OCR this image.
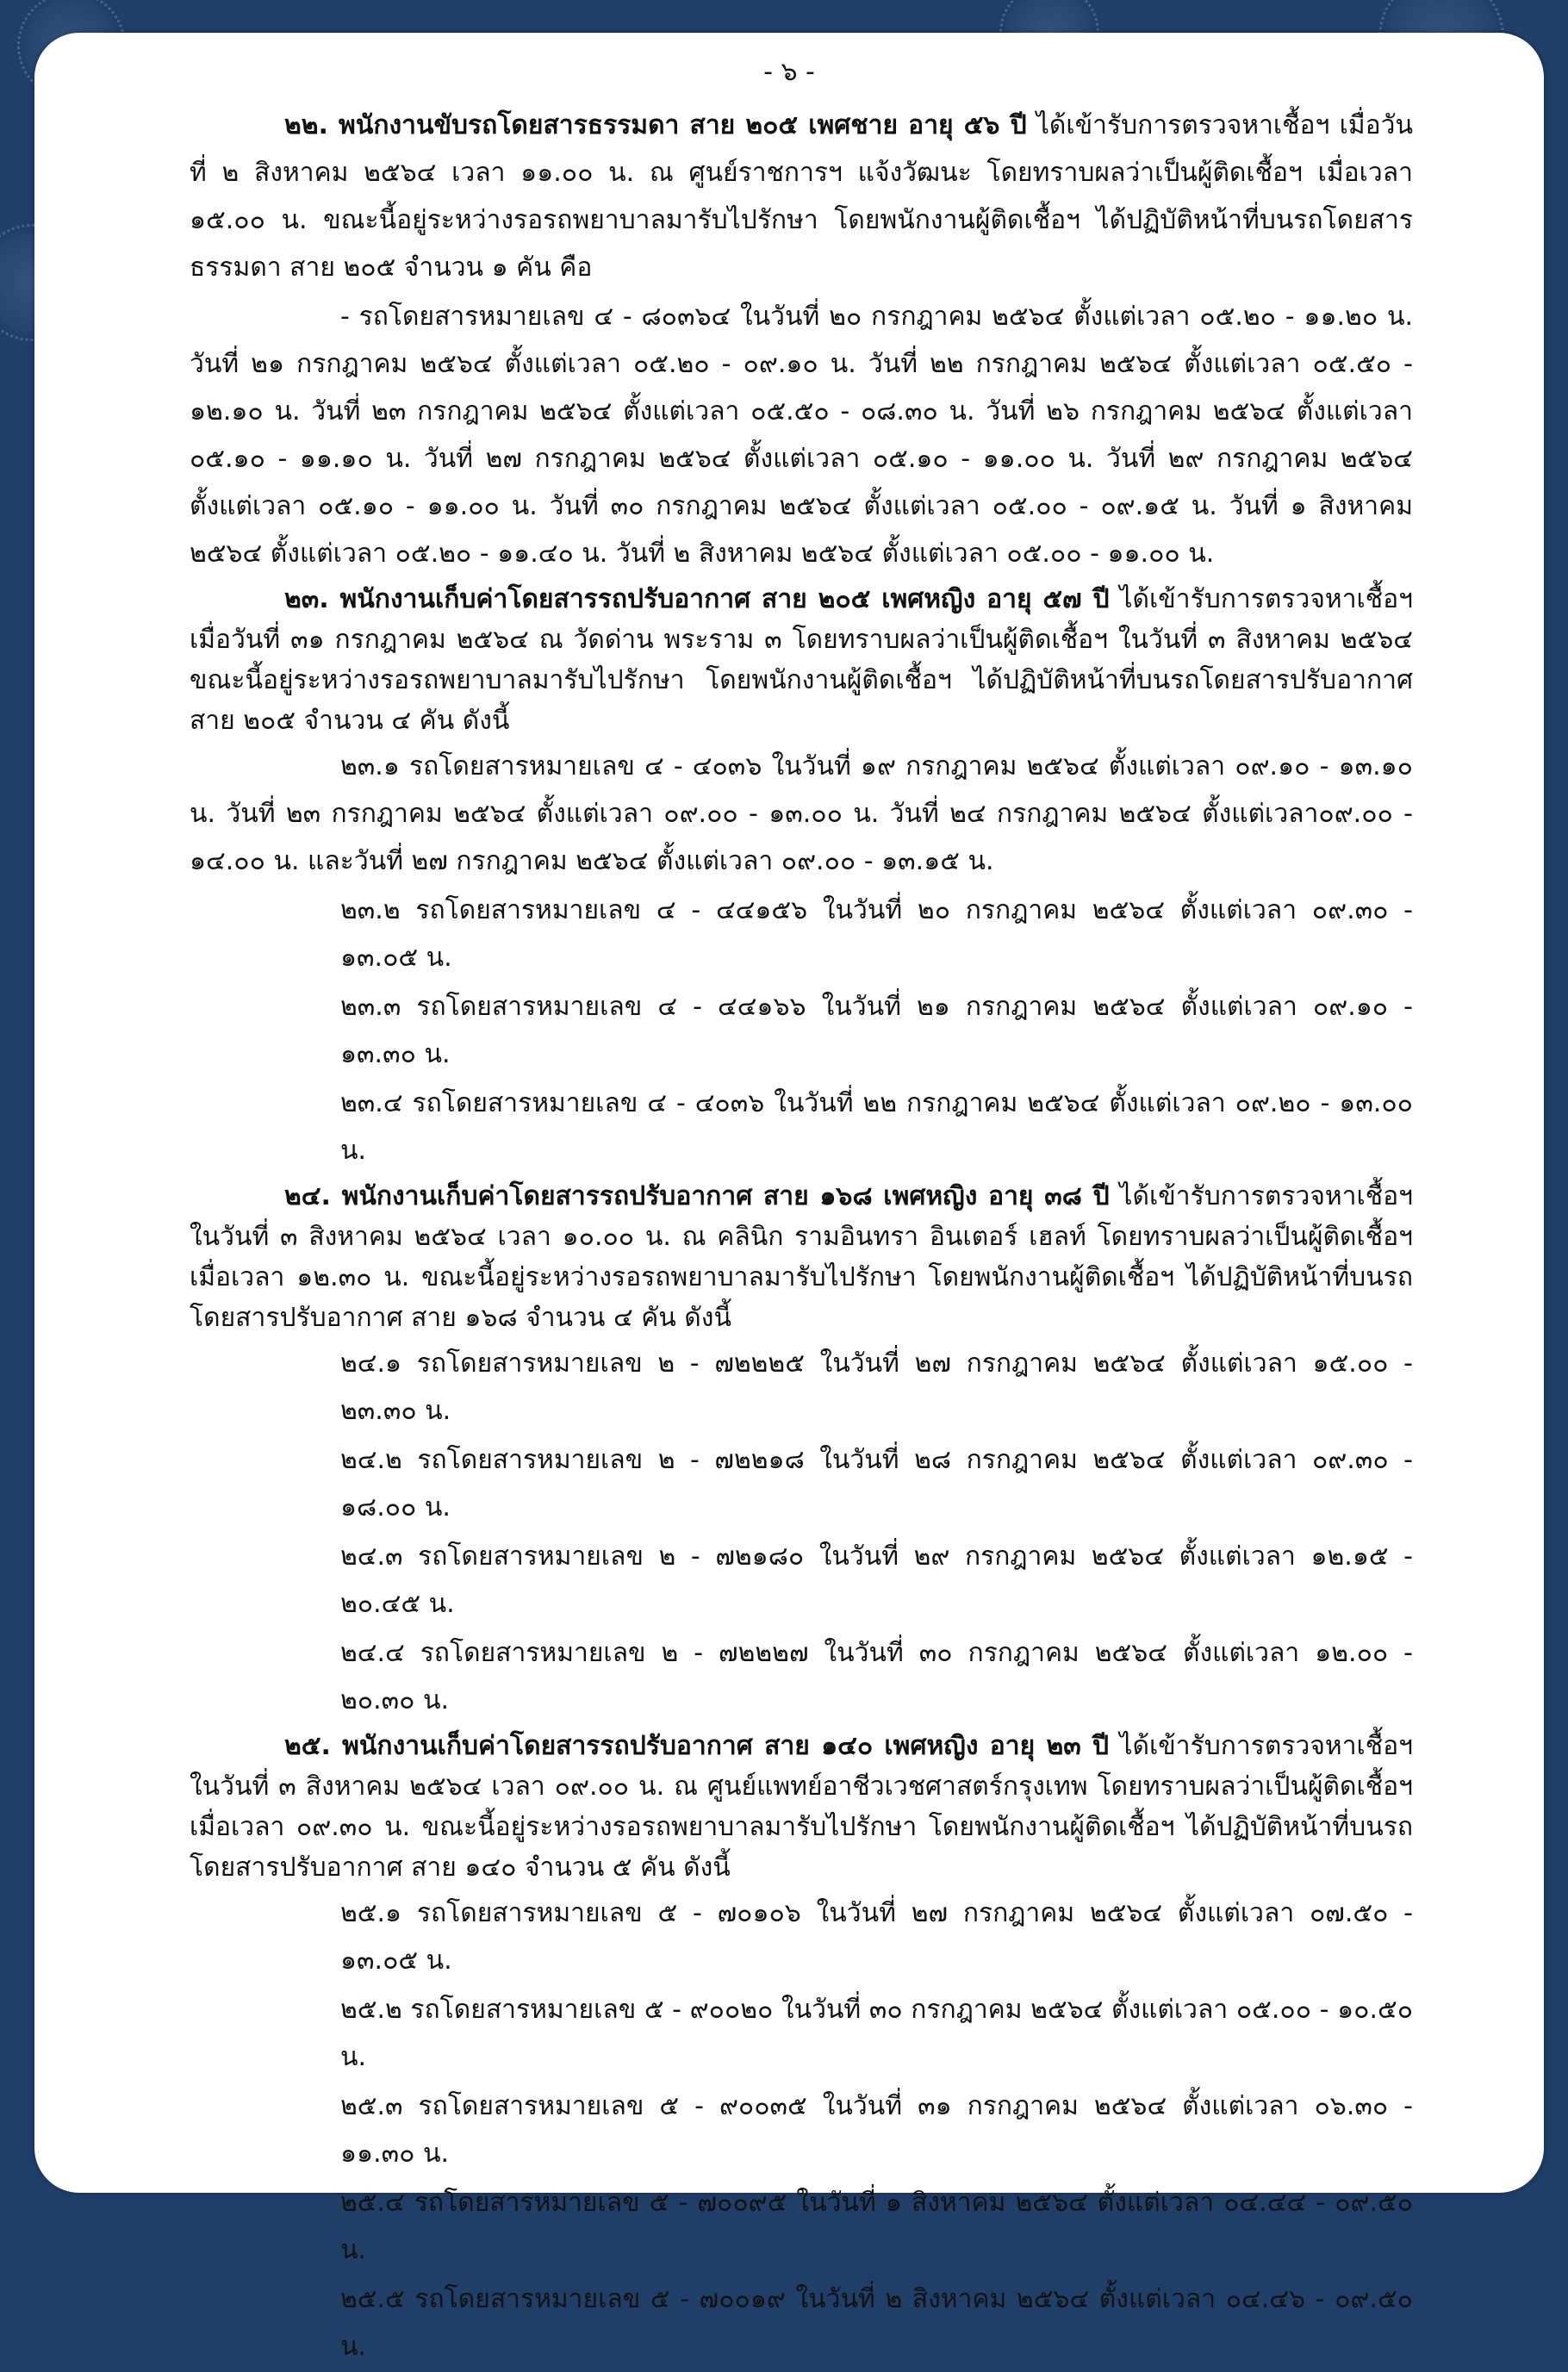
- ๖ -

๒๒. พนักงานขับรถโดยสารธรรมดา สาย ๒๐๕ เพศชาย อายุ ๕๖ ปี ได้เข้ารับการตรวจหาเชื้อฯ เมื่อวันที่ ๒ สิงหาคม ๒๕๖๔ เวลา ๑๑.๐๐ น. ณ ศูนย์ราชการฯ แจ้งวัฒนะ โดยทราบผลว่าเป็นผู้ติดเชื้อฯ เมื่อเวลา ๑๕.๐๐ น. ขณะนี้อยู่ระหว่างรอรถพยาบาลมารับไปรักษา โดยพนักงานผู้ติดเชื้อฯ ได้ปฏิบัติหน้าที่บนรถโดยสารธรรมดา สาย ๒๐๕ จำนวน ๑ คัน คือ

- รถโดยสารหมายเลข ๔ - ๘๐๓๖๔ ในวันที่ ๒๐ กรกฎาคม ๒๕๖๔ ตั้งแต่เวลา ๐๕.๒๐ - ๑๑.๒๐ น. วันที่ ๒๑ กรกฎาคม ๒๕๖๔ ตั้งแต่เวลา ๐๕.๒๐ - ๐๙.๑๐ น. วันที่ ๒๒ กรกฎาคม ๒๕๖๔ ตั้งแต่เวลา ๐๕.๕๐ - ๑๒.๑๐ น. วันที่ ๒๓ กรกฎาคม ๒๕๖๔ ตั้งแต่เวลา ๐๕.๕๐ - ๐๘.๓๐ น. วันที่ ๒๖ กรกฎาคม ๒๕๖๔ ตั้งแต่เวลา ๐๕.๑๐ - ๑๑.๑๐ น. วันที่ ๒๗ กรกฎาคม ๒๕๖๔ ตั้งแต่เวลา ๐๕.๑๐ - ๑๑.๐๐ น. วันที่ ๒๙ กรกฎาคม ๒๕๖๔ ตั้งแต่เวลา ๐๕.๑๐ - ๑๑.๐๐ น. วันที่ ๓๐ กรกฎาคม ๒๕๖๔ ตั้งแต่เวลา ๐๕.๐๐ - ๐๙.๑๕ น. วันที่ ๑ สิงหาคม ๒๕๖๔ ตั้งแต่เวลา ๐๕.๒๐ - ๑๑.๔๐ น. วันที่ ๒ สิงหาคม ๒๕๖๔ ตั้งแต่เวลา ๐๕.๐๐ - ๑๑.๐๐ น.

๒๓. พนักงานเก็บค่าโดยสารรถปรับอากาศ สาย ๒๐๕ เพศหญิง อายุ ๕๗ ปี ได้เข้ารับการตรวจหาเชื้อฯ เมื่อวันที่ ๓๑ กรกฎาคม ๒๕๖๔ ณ วัดด่าน พระราม ๓ โดยทราบผลว่าเป็นผู้ติดเชื้อฯ ในวันที่ ๓ สิงหาคม ๒๕๖๔ ขณะนี้อยู่ระหว่างรอรถพยาบาลมารับไปรักษา โดยพนักงานผู้ติดเชื้อฯ ได้ปฏิบัติหน้าที่บนรถโดยสารปรับอากาศ สาย ๒๐๕ จำนวน ๔ คัน ดังนี้

๒๓.๑ รถโดยสารหมายเลข ๔ - ๔๐๓๖ ในวันที่ ๑๙ กรกฎาคม ๒๕๖๔ ตั้งแต่เวลา ๐๙.๑๐ - ๑๓.๑๐ น. วันที่ ๒๓ กรกฎาคม ๒๕๖๔ ตั้งแต่เวลา ๐๙.๐๐ - ๑๓.๐๐ น. วันที่ ๒๔ กรกฎาคม ๒๕๖๔ ตั้งแต่เวลา๐๙.๐๐ - ๑๔.๐๐ น. และวันที่ ๒๗ กรกฎาคม ๒๕๖๔ ตั้งแต่เวลา ๐๙.๐๐ - ๑๓.๑๕ น.

๒๓.๒ รถโดยสารหมายเลข ๔ - ๔๔๑๕๖ ในวันที่ ๒๐ กรกฎาคม ๒๕๖๔ ตั้งแต่เวลา ๐๙.๓๐ - ๑๓.๐๕ น.

๒๓.๓ รถโดยสารหมายเลข ๔ - ๔๔๑๖๖ ในวันที่ ๒๑ กรกฎาคม ๒๕๖๔ ตั้งแต่เวลา ๐๙.๑๐ - ๑๓.๓๐ น.

๒๓.๔ รถโดยสารหมายเลข ๔ - ๔๐๓๖ ในวันที่ ๒๒ กรกฎาคม ๒๕๖๔ ตั้งแต่เวลา ๐๙.๒๐ - ๑๓.๐๐ น.

๒๔. พนักงานเก็บค่าโดยสารรถปรับอากาศ สาย ๑๖๘ เพศหญิง อายุ ๓๘ ปี ได้เข้ารับการตรวจหาเชื้อฯ ในวันที่ ๓ สิงหาคม ๒๕๖๔ เวลา ๑๐.๐๐ น. ณ คลินิก รามอินทรา อินเตอร์ เฮลท์ โดยทราบผลว่าเป็นผู้ติดเชื้อฯ เมื่อเวลา ๑๒.๓๐ น. ขณะนี้อยู่ระหว่างรอรถพยาบาลมารับไปรักษา โดยพนักงานผู้ติดเชื้อฯ ได้ปฏิบัติหน้าที่บนรถโดยสารปรับอากาศ สาย ๑๖๘ จำนวน ๔ คัน ดังนี้

๒๔.๑ รถโดยสารหมายเลข ๒ - ๗๒๒๒๕ ในวันที่ ๒๗ กรกฎาคม ๒๕๖๔ ตั้งแต่เวลา ๑๕.๐๐ - ๒๓.๓๐ น.

๒๔.๒ รถโดยสารหมายเลข ๒ - ๗๒๒๑๘ ในวันที่ ๒๘ กรกฎาคม ๒๕๖๔ ตั้งแต่เวลา ๐๙.๓๐ - ๑๘.๐๐ น.

๒๔.๓ รถโดยสารหมายเลข ๒ - ๗๒๑๘๐ ในวันที่ ๒๙ กรกฎาคม ๒๕๖๔ ตั้งแต่เวลา ๑๒.๑๕ - ๒๐.๔๕ น.

๒๔.๔ รถโดยสารหมายเลข ๒ - ๗๒๒๒๗ ในวันที่ ๓๐ กรกฎาคม ๒๕๖๔ ตั้งแต่เวลา ๑๒.๐๐ - ๒๐.๓๐ น.

๒๕. พนักงานเก็บค่าโดยสารรถปรับอากาศ สาย ๑๔๐ เพศหญิง อายุ ๒๓ ปี ได้เข้ารับการตรวจหาเชื้อฯ ในวันที่ ๓ สิงหาคม ๒๕๖๔ เวลา ๐๙.๐๐ น. ณ ศูนย์แพทย์อาชีวเวชศาสตร์กรุงเทพ โดยทราบผลว่าเป็นผู้ติดเชื้อฯ เมื่อเวลา ๐๙.๓๐ น. ขณะนี้อยู่ระหว่างรอรถพยาบาลมารับไปรักษา โดยพนักงานผู้ติดเชื้อฯ ได้ปฏิบัติหน้าที่บนรถโดยสารปรับอากาศ สาย ๑๔๐ จำนวน ๕ คัน ดังนี้

๒๕.๑ รถโดยสารหมายเลข ๕ - ๗๐๑๐๖ ในวันที่ ๒๗ กรกฎาคม ๒๕๖๔ ตั้งแต่เวลา ๐๗.๕๐ - ๑๓.๐๕ น.

๒๕.๒ รถโดยสารหมายเลข ๕ - ๙๐๐๒๐ ในวันที่ ๓๐ กรกฎาคม ๒๕๖๔ ตั้งแต่เวลา ๐๕.๐๐ - ๑๐.๕๐ น.

๒๕.๓ รถโดยสารหมายเลข ๕ - ๙๐๐๓๕ ในวันที่ ๓๑ กรกฎาคม ๒๕๖๔ ตั้งแต่เวลา ๐๖.๓๐ - ๑๑.๓๐ น.

๒๕.๔ รถโดยสารหมายเลข ๕ - ๗๐๐๙๕ ในวันที่ ๑ สิงหาคม ๒๕๖๔ ตั้งแต่เวลา ๐๔.๔๔ - ๐๙.๕๐ น.

๒๕.๕ รถโดยสารหมายเลข ๕ - ๗๐๐๑๙ ในวันที่ ๒ สิงหาคม ๒๕๖๔ ตั้งแต่เวลา ๐๔.๔๖ - ๐๙.๕๐ น.
